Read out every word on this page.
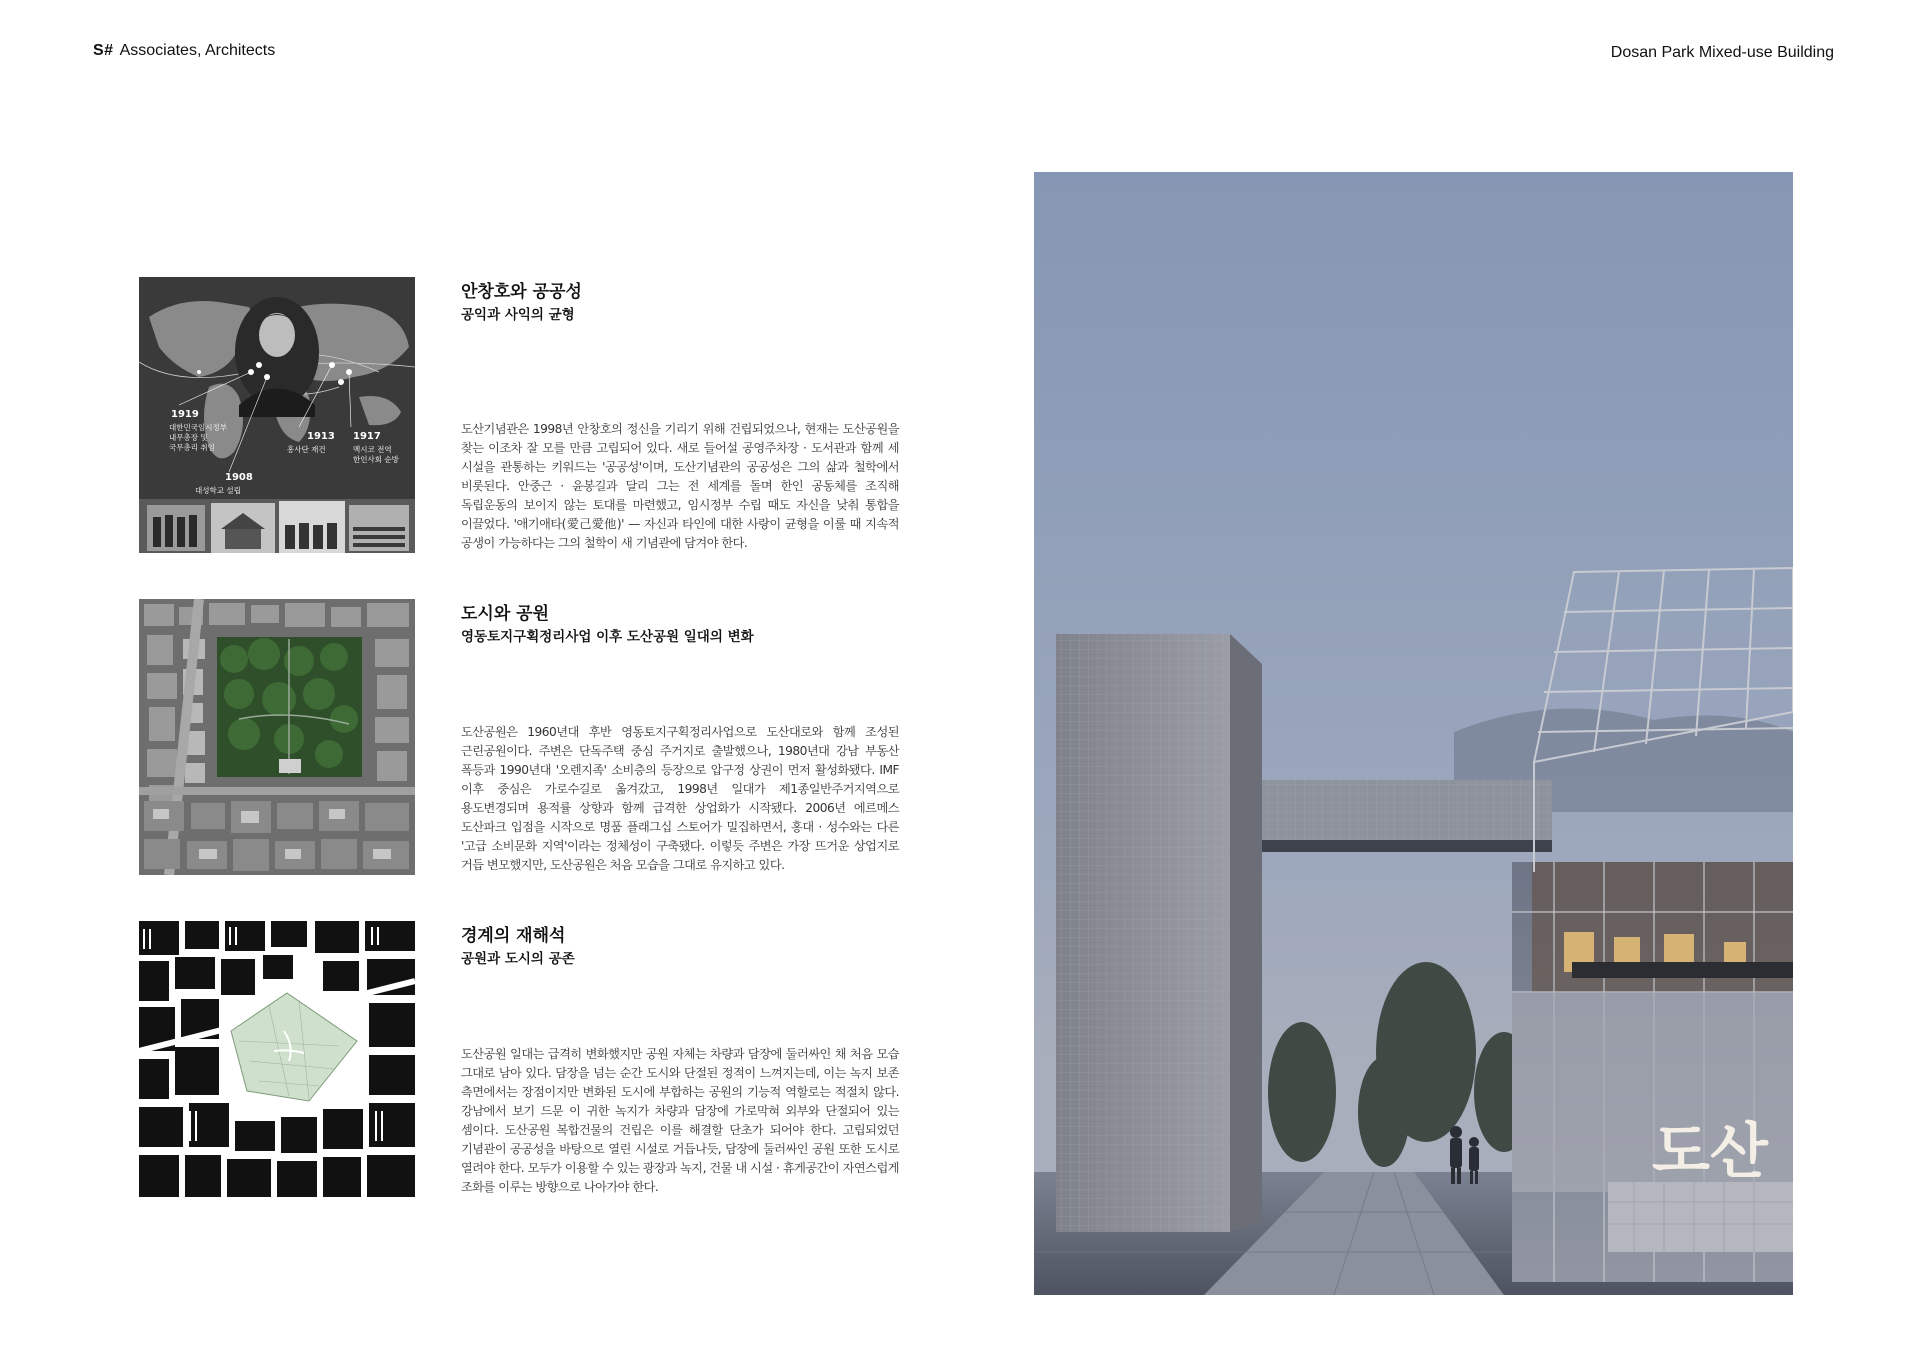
S# Associates, Architects	Dosan Park Mixed-use Building
1919
대한민국임시정부
내무총장 및
국무총리 취임
1913
흥사단 재건
1917
멕시코 전역
한인사회 순방
1908
대성학교 설립
안창호와 공공성
공익과 사익의 균형
도산기념관은 1998년 안창호의 정신을 기리기 위해 건립되었으나, 현재는 도산공원을 찾는 이조차 잘 모를 만큼 고립되어 있다. 새로 들어설 공영주차장 · 도서관과 함께 세 시설을 관통하는 키워드는 '공공성'이며, 도산기념관의 공공성은 그의 삶과 철학에서 비롯된다. 안중근 · 윤봉길과 달리 그는 전 세계를 돌며 한인 공동체를 조직해 독립운동의 보이지 않는 토대를 마련했고, 임시정부 수립 때도 자신을 낮춰 통합을 이끌었다. '애기애타(愛己愛他)' — 자신과 타인에 대한 사랑이 균형을 이룰 때 지속적 공생이 가능하다는 그의 철학이 새 기념관에 담겨야 한다.
도시와 공원
영동토지구획정리사업 이후 도산공원 일대의 변화
도산공원은 1960년대 후반 영동토지구획정리사업으로 도산대로와 함께 조성된 근린공원이다. 주변은 단독주택 중심 주거지로 출발했으나, 1980년대 강남 부동산 폭등과 1990년대 '오렌지족' 소비층의 등장으로 압구정 상권이 먼저 활성화됐다. IMF 이후 중심은 가로수길로 옮겨갔고, 1998년 일대가 제1종일반주거지역으로 용도변경되며 용적률 상향과 함께 급격한 상업화가 시작됐다. 2006년 에르메스 도산파크 입점을 시작으로 명품 플래그십 스토어가 밀집하면서, 홍대 · 성수와는 다른 '고급 소비문화 지역'이라는 정체성이 구축됐다. 이렇듯 주변은 가장 뜨거운 상업지로 거듭 변모했지만, 도산공원은 처음 모습을 그대로 유지하고 있다.
경계의 재해석
공원과 도시의 공존
도산공원 일대는 급격히 변화했지만 공원 자체는 차량과 담장에 둘러싸인 채 처음 모습 그대로 남아 있다. 담장을 넘는 순간 도시와 단절된 정적이 느껴지는데, 이는 녹지 보존 측면에서는 장점이지만 변화된 도시에 부합하는 공원의 기능적 역할로는 적절치 않다. 강남에서 보기 드문 이 귀한 녹지가 차량과 담장에 가로막혀 외부와 단절되어 있는 셈이다. 도산공원 복합건물의 건립은 이를 해결할 단초가 되어야 한다. 고립되었던 기념관이 공공성을 바탕으로 열린 시설로 거듭나듯, 담장에 둘러싸인 공원 또한 도시로 열려야 한다. 모두가 이용할 수 있는 광장과 녹지, 건물 내 시설 · 휴게공간이 자연스럽게 조화를 이루는 방향으로 나아가야 한다.	도산
